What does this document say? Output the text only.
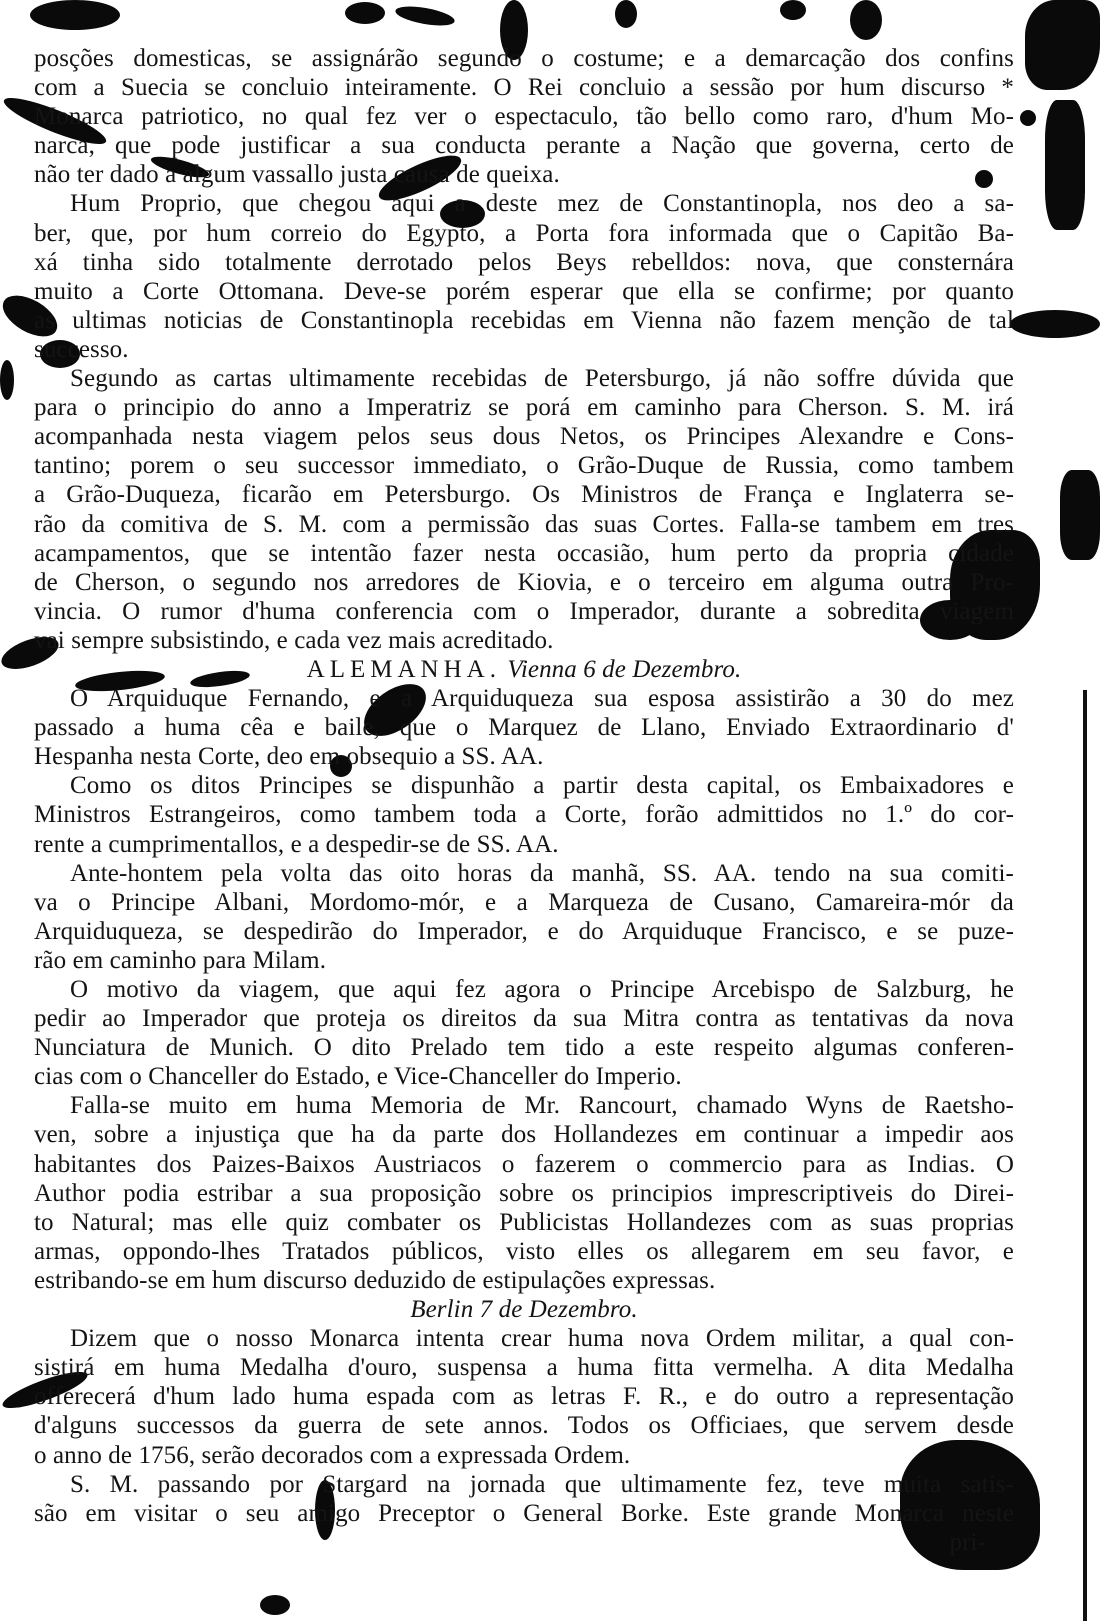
posções domesticas, se assignárão segundo o costume; e a demarcação dos confins
com a Suecia se concluio inteiramente. O Rei concluio a sessão por hum discurso *
Monarca patriotico, no qual fez ver o espectaculo, tão bello como raro, d'hum Mo-
narca, que pode justificar a sua conducta perante a Nação que governa, certo de
não ter dado a algum vassallo justa causa de queixa.
Hum Proprio, que chegou aqui a deste mez de Constantinopla, nos deo a sa-
ber, que, por hum correio do Egypto, a Porta fora informada que o Capitão Ba-
xá tinha sido totalmente derrotado pelos Beys rebelldos: nova, que consternára
muito a Corte Ottomana. Deve-se porém esperar que ella se confirme; por quanto
as ultimas noticias de Constantinopla recebidas em Vienna não fazem menção de tal
successo.
Segundo as cartas ultimamente recebidas de Petersburgo, já não soffre dúvida que
para o principio do anno a Imperatriz se porá em caminho para Cherson. S. M. irá
acompanhada nesta viagem pelos seus dous Netos, os Principes Alexandre e Cons-
tantino; porem o seu successor immediato, o Grão-Duque de Russia, como tambem
a Grão-Duqueza, ficarão em Petersburgo. Os Ministros de França e Inglaterra se-
rão da comitiva de S. M. com a permissão das suas Cortes. Falla-se tambem em tres
acampamentos, que se intentão fazer nesta occasião, hum perto da propria cidade
de Cherson, o segundo nos arredores de Kiovia, e o terceiro em alguma outra Pro-
vincia. O rumor d'huma conferencia com o Imperador, durante a sobredita viagem
vai sempre subsistindo, e cada vez mais acreditado.
ALEMANHA. Vienna 6 de Dezembro.
O Arquiduque Fernando, e a Arquiduqueza sua esposa assistirão a 30 do mez
passado a huma cêa e baile, que o Marquez de Llano, Enviado Extraordinario d'
Hespanha nesta Corte, deo em obsequio a SS. AA.
Como os ditos Principes se dispunhão a partir desta capital, os Embaixadores e
Ministros Estrangeiros, como tambem toda a Corte, forão admittidos no 1.º do cor-
rente a cumprimentallos, e a despedir-se de SS. AA.
Ante-hontem pela volta das oito horas da manhã, SS. AA. tendo na sua comiti-
va o Principe Albani, Mordomo-mór, e a Marqueza de Cusano, Camareira-mór da
Arquiduqueza, se despedirão do Imperador, e do Arquiduque Francisco, e se puze-
rão em caminho para Milam.
O motivo da viagem, que aqui fez agora o Principe Arcebispo de Salzburg, he
pedir ao Imperador que proteja os direitos da sua Mitra contra as tentativas da nova
Nunciatura de Munich. O dito Prelado tem tido a este respeito algumas conferen-
cias com o Chanceller do Estado, e Vice-Chanceller do Imperio.
Falla-se muito em huma Memoria de Mr. Rancourt, chamado Wyns de Raetsho-
ven, sobre a injustiça que ha da parte dos Hollandezes em continuar a impedir aos
habitantes dos Paizes-Baixos Austriacos o fazerem o commercio para as Indias. O
Author podia estribar a sua proposição sobre os principios imprescriptiveis do Direi-
to Natural; mas elle quiz combater os Publicistas Hollandezes com as suas proprias
armas, oppondo-lhes Tratados públicos, visto elles os allegarem em seu favor, e
estribando-se em hum discurso deduzido de estipulações expressas.
Berlin 7 de Dezembro.
Dizem que o nosso Monarca intenta crear huma nova Ordem militar, a qual con-
sistirá em huma Medalha d'ouro, suspensa a huma fitta vermelha. A dita Medalha
offerecerá d'hum lado huma espada com as letras F. R., e do outro a representação
d'alguns successos da guerra de sete annos. Todos os Officiaes, que servem desde
o anno de 1756, serão decorados com a expressada Ordem.
S. M. passando por Stargard na jornada que ultimamente fez, teve muita satis-
são em visitar o seu amigo Preceptor o General Borke. Este grande Monarca neste
pri-
